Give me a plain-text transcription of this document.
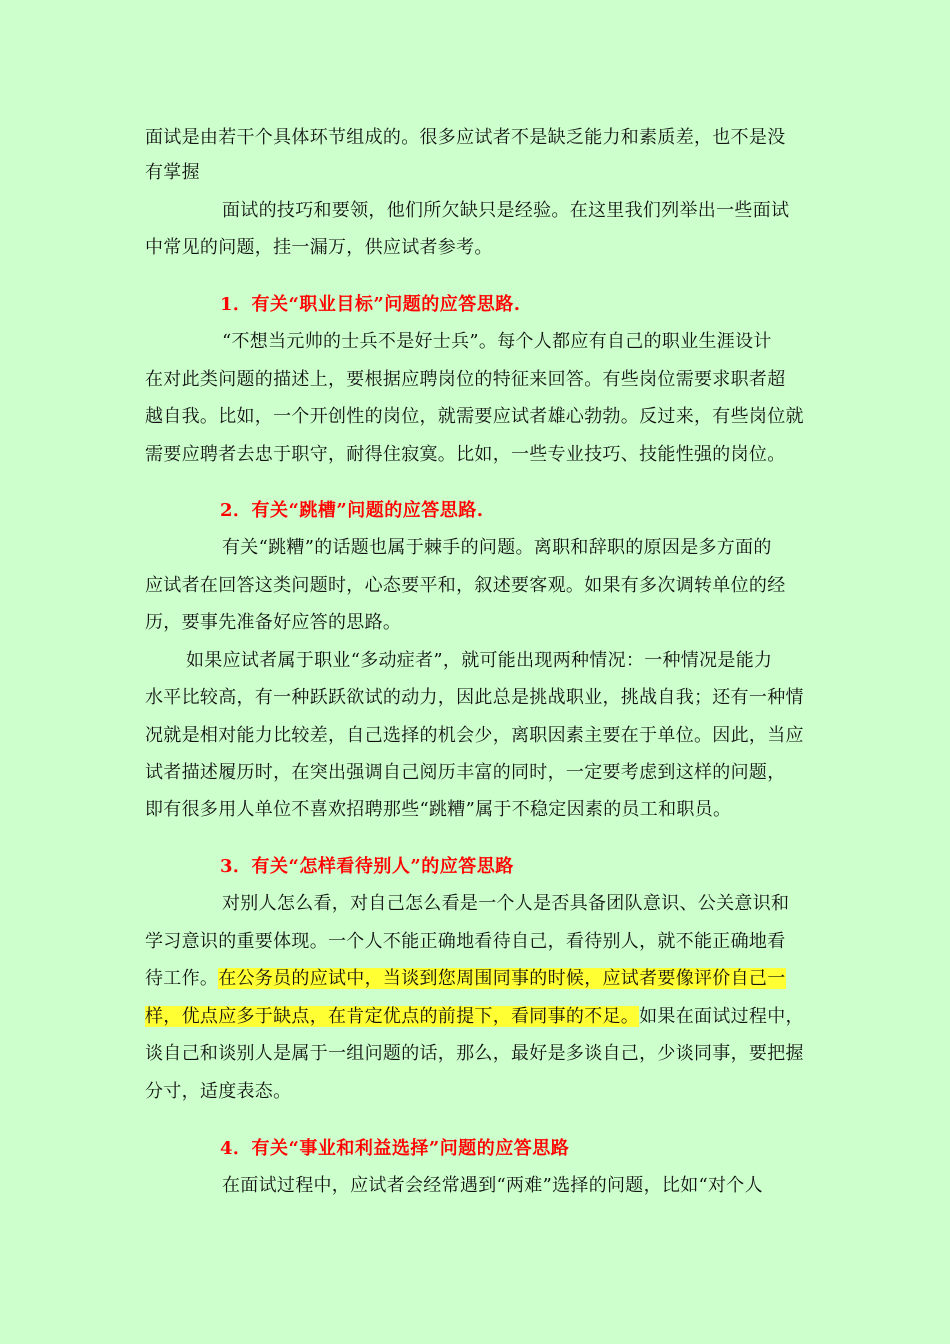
面试是由若干个具体环节组成的。很多应试者不是缺乏能力和素质差，也不是没
有掌握
面试的技巧和要领，他们所欠缺只是经验。在这里我们列举出一些面试
中常见的问题，挂一漏万，供应试者参考。
1．有关“职业目标”问题的应答思路.
“不想当元帅的士兵不是好士兵”。每个人都应有自己的职业生涯设计
在对此类问题的描述上，要根据应聘岗位的特征来回答。有些岗位需要求职者超
越自我。比如，一个开创性的岗位，就需要应试者雄心勃勃。反过来，有些岗位就
需要应聘者去忠于职守，耐得住寂寞。比如，一些专业技巧、技能性强的岗位。
2．有关“跳槽”问题的应答思路.
有关“跳糟”的话题也属于棘手的问题。离职和辞职的原因是多方面的
应试者在回答这类问题时，心态要平和，叙述要客观。如果有多次调转单位的经
历，要事先准备好应答的思路。
如果应试者属于职业“多动症者”，就可能出现两种情况：一种情况是能力
水平比较高，有一种跃跃欲试的动力，因此总是挑战职业，挑战自我；还有一种情
况就是相对能力比较差，自己选择的机会少，离职因素主要在于单位。因此，当应
试者描述履历时，在突出强调自己阅历丰富的同时，一定要考虑到这样的问题，
即有很多用人单位不喜欢招聘那些“跳糟”属于不稳定因素的员工和职员。
3．有关“怎样看待别人”的应答思路
对别人怎么看，对自己怎么看是一个人是否具备团队意识、公关意识和
学习意识的重要体现。一个人不能正确地看待自己，看待别人，就不能正确地看
待工作。在公务员的应试中，当谈到您周围同事的时候，应试者要像评价自己一
样，优点应多于缺点，在肯定优点的前提下，看同事的不足。如果在面试过程中，
谈自己和谈别人是属于一组问题的话，那么，最好是多谈自己，少谈同事，要把握
分寸，适度表态。
4．有关“事业和利益选择”问题的应答思路
在面试过程中，应试者会经常遇到“两难”选择的问题，比如“对个人
